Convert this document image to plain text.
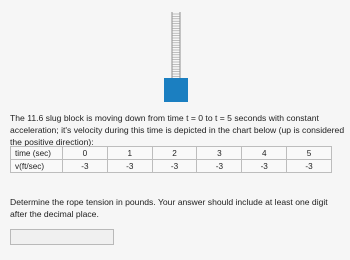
The 11.6 slug block is moving down from time t = 0 to t = 5 seconds with constant acceleration; it's velocity during this time is depicted in the chart below (up is considered the positive direction):

time (sec)	0	1	2	3	4	5
v(ft/sec)	-3	-3	-3	-3	-3	-3

Determine the rope tension in pounds. Your answer should include at least one digit after the decimal place.
